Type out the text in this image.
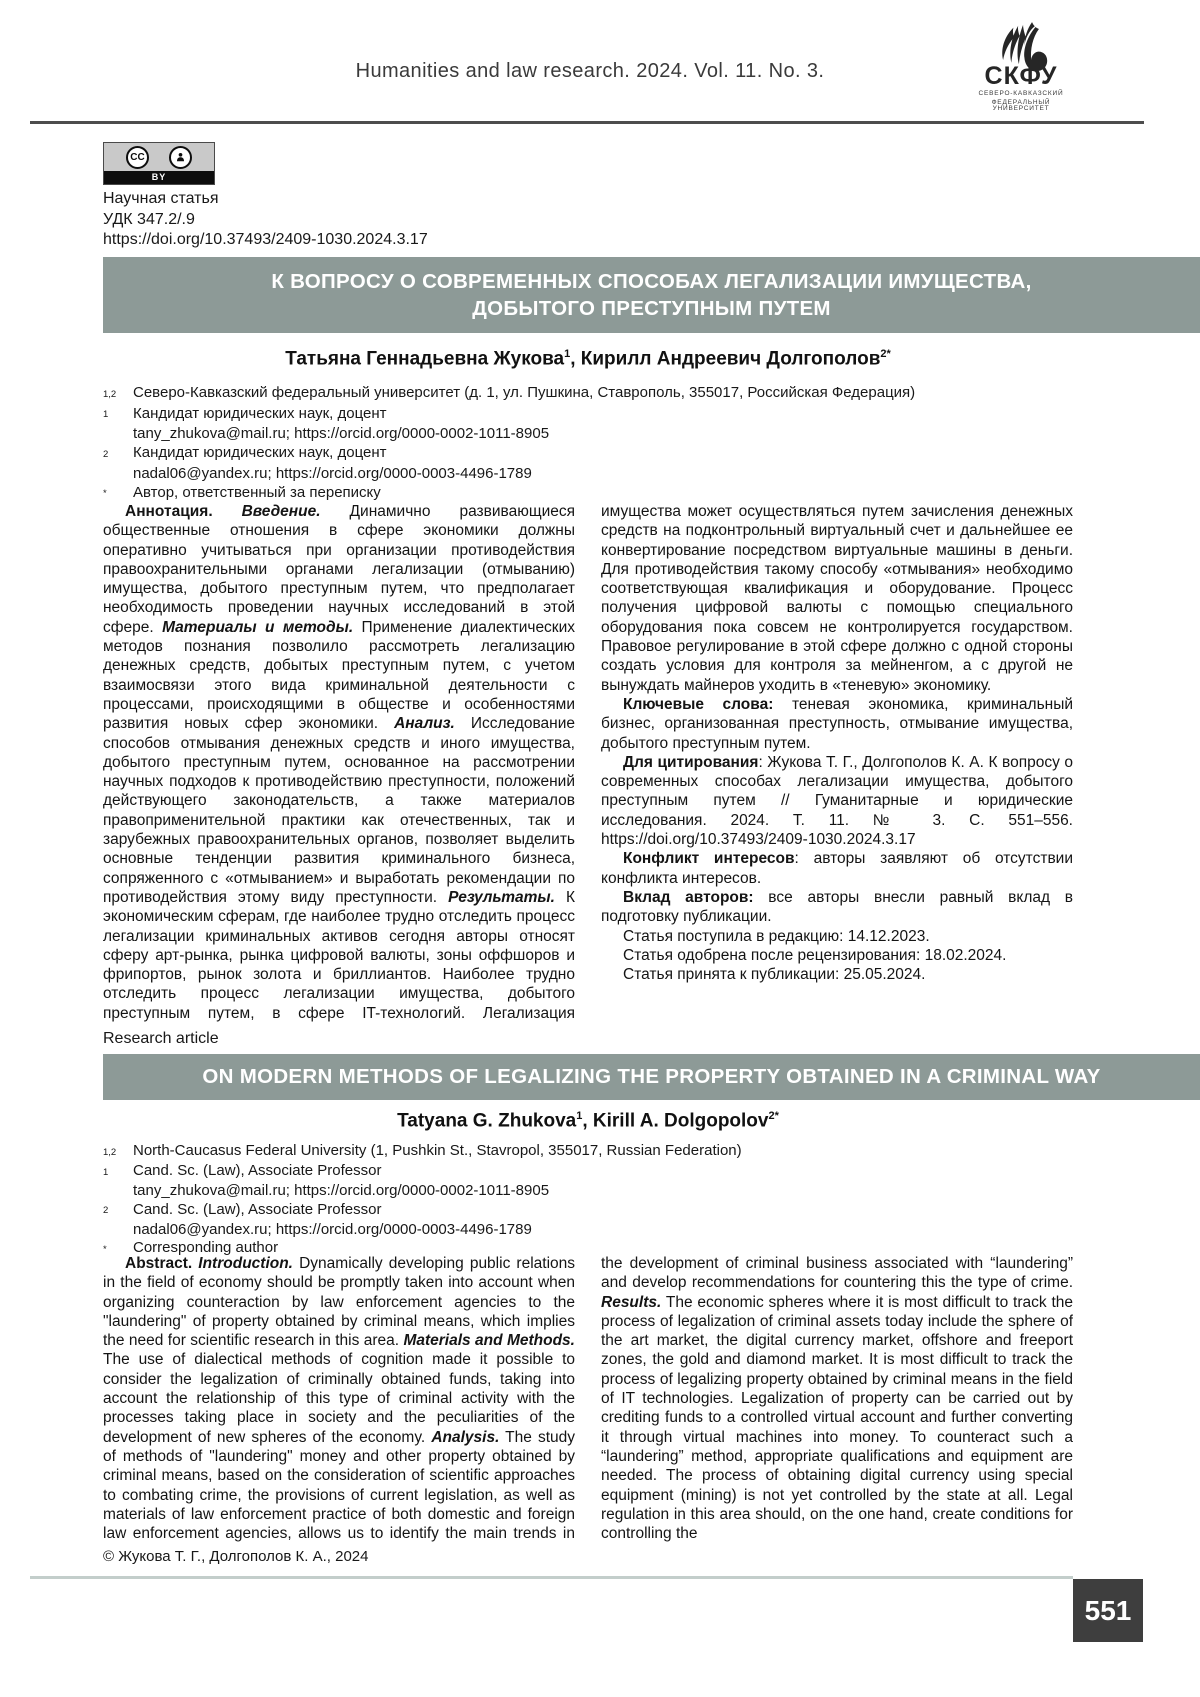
Humanities and law research. 2024. Vol. 11. No. 3.	СКФУ
СЕВЕРО-КАВКАЗСКИЙ
ФЕДЕРАЛЬНЫЙ УНИВЕРСИТЕТ
CC
BY
Научная статья
УДК 347.2/.9
https://doi.org/10.37493/2409-1030.2024.3.17
К ВОПРОСУ О СОВРЕМЕННЫХ СПОСОБАХ ЛЕГАЛИЗАЦИИ ИМУЩЕСТВА,
ДОБЫТОГО ПРЕСТУПНЫМ ПУТЕМ
Татьяна Геннадьевна Жукова$^1$, Кирилл Андреевич Долгополов$^{2*}$
1,2	Северо-Кавказский федеральный университет (д. 1, ул. Пушкина, Ставрополь, 355017, Российская Федерация)
1	Кандидат юридических наук, доцент
tany_zhukova@mail.ru; https://orcid.org/0000-0002-1011-8905
2	Кандидат юридических наук, доцент
nadal06@yandex.ru; https://orcid.org/0000-0003-4496-1789
*	Автор, ответственный за переписку

Аннотация. Введение. Динамично развивающиеся общественные отношения в сфере экономики должны оперативно учитываться при организации противодействия правоохранительными органами легализации (отмыванию) имущества, добытого преступным путем, что предполагает необходимость проведении научных исследований в этой сфере. Материалы и методы. Применение диалектических методов познания позволило рассмотреть легализацию денежных средств, добытых преступным путем, с учетом взаимосвязи этого вида криминальной деятельности с процессами, происходящими в обществе и особенностями развития новых сфер экономики. Анализ. Исследование способов отмывания денежных средств и иного имущества, добытого преступным путем, основанное на рассмотрении научных подходов к противодействию преступности, положений действующего законодательств, а также материалов правоприменительной практики как отечественных, так и зарубежных правоохранительных органов, позволяет выделить основные тенденции развития криминального бизнеса, сопряженного с «отмыванием» и выработать рекомендации по противодействия этому виду преступности. Результаты. К экономическим сферам, где наиболее трудно отследить процесс легализации криминальных активов сегодня авторы относят сферу арт-рынка, рынка цифровой валюты, зоны оффшоров и фрипортов, рынок золота и бриллиантов. Наиболее трудно отследить процесс легализации имущества, добытого преступным путем, в сфере IT-технологий. Легализация имущества может осуществляться путем зачисления денежных средств на подконтрольный виртуальный счет и дальнейшее ее конвертирование посредством виртуальные машины в деньги. Для противодействия такому способу «отмывания» необходимо соответствующая квалификация и оборудование. Процесс получения цифровой валюты с помощью специального оборудования пока совсем не контролируется государством. Правовое регулирование в этой сфере должно с одной стороны создать условия для контроля за мейненгом, а с другой не вынуждать майнеров уходить в «теневую» экономику.

Ключевые слова: теневая экономика, криминальный бизнес, организованная преступность, отмывание имущества, добытого преступным путем.

Для цитирования: Жукова Т. Г., Долгополов К. А. К вопросу о современных способах легализации имущества, добытого преступным путем // Гуманитарные и юридические исследования. 2024. Т. 11. № 3. С. 551–556. https://doi.org/10.37493/2409-1030.2024.3.17

Конфликт интересов: авторы заявляют об отсутствии конфликта интересов.

Вклад авторов: все авторы внесли равный вклад в подготовку публикации.

Статья поступила в редакцию: 14.12.2023.

Статья одобрена после рецензирования: 18.02.2024.

Статья принята к публикации: 25.05.2024.

Research article
ON MODERN METHODS OF LEGALIZING THE PROPERTY OBTAINED IN A CRIMINAL WAY
Tatyana G. Zhukova$^1$, Kirill A. Dolgopolov$^{2*}$
1,2	North-Caucasus Federal University (1, Pushkin St., Stavropol, 355017, Russian Federation)
1	Cand. Sc. (Law), Associate Professor
tany_zhukova@mail.ru; https://orcid.org/0000-0002-1011-8905
2	Cand. Sc. (Law), Associate Professor
nadal06@yandex.ru; https://orcid.org/0000-0003-4496-1789
*	Corresponding author

Abstract. Introduction. Dynamically developing public relations in the field of economy should be promptly taken into account when organizing counteraction by law enforcement agencies to the "laundering" of property obtained by criminal means, which implies the need for scientific research in this area. Materials and Methods. The use of dialectical methods of cognition made it possible to consider the legalization of criminally obtained funds, taking into account the relationship of this type of criminal activity with the processes taking place in society and the peculiarities of the development of new spheres of the economy. Analysis. The study of methods of "laundering" money and other property obtained by criminal means, based on the consideration of scientific approaches to combating crime, the provisions of current legislation, as well as materials of law enforcement practice of both domestic and foreign law enforcement agencies, allows us to identify the main trends in the development of criminal business associated with “laundering” and develop recommendations for countering this the type of crime. Results. The economic spheres where it is most difficult to track the process of legalization of criminal assets today include the sphere of the art market, the digital currency market, offshore and freeport zones, the gold and diamond market. It is most difficult to track the process of legalizing property obtained by criminal means in the field of IT technologies. Legalization of property can be carried out by crediting funds to a controlled virtual account and further converting it through virtual machines into money. To counteract such a “laundering” method, appropriate qualifications and equipment are needed. The process of obtaining digital currency using special equipment (mining) is not yet controlled by the state at all. Legal regulation in this area should, on the one hand, create conditions for controlling the

© Жукова Т. Г., Долгополов К. А., 2024
551
